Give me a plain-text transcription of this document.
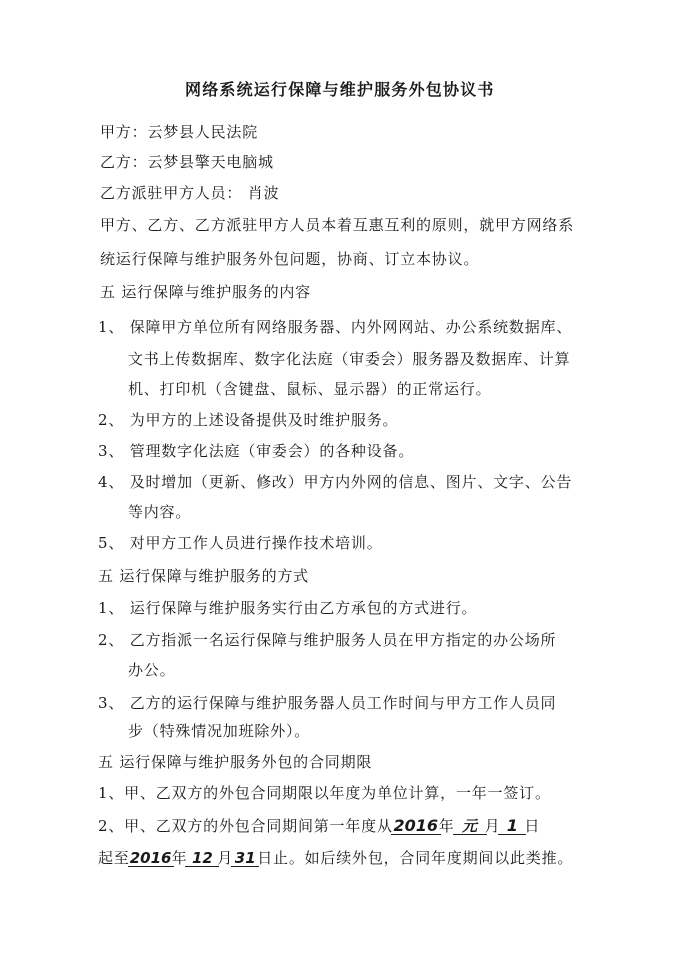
网络系统运行保障与维护服务外包协议书
甲方：云梦县人民法院
乙方：云梦县擎天电脑城
乙方派驻甲方人员： 肖波
甲方、乙方、乙方派驻甲方人员本着互惠互利的原则，就甲方网络系
统运行保障与维护服务外包问题，协商、订立本协议。
五 运行保障与维护服务的内容
1、 保障甲方单位所有网络服务器、内外网网站、办公系统数据库、
文书上传数据库、数字化法庭（审委会）服务器及数据库、计算
机、打印机（含键盘、鼠标、显示器）的正常运行。
2、 为甲方的上述设备提供及时维护服务。
3、 管理数字化法庭（审委会）的各种设备。
4、 及时增加（更新、修改）甲方内外网的信息、图片、文字、公告
等内容。
5、 对甲方工作人员进行操作技术培训。
五 运行保障与维护服务的方式
1、 运行保障与维护服务实行由乙方承包的方式进行。
2、 乙方指派一名运行保障与维护服务人员在甲方指定的办公场所
办公。
3、 乙方的运行保障与维护服务器人员工作时间与甲方工作人员同
步（特殊情况加班除外）。
五 运行保障与维护服务外包的合同期限
1、甲、乙双方的外包合同期限以年度为单位计算，一年一签订。
2、甲、乙双方的外包合同期间第一年度从2016年 元 月 1 日
起至2016年 12 月 31 日止。如后续外包，合同年度期间以此类推。
